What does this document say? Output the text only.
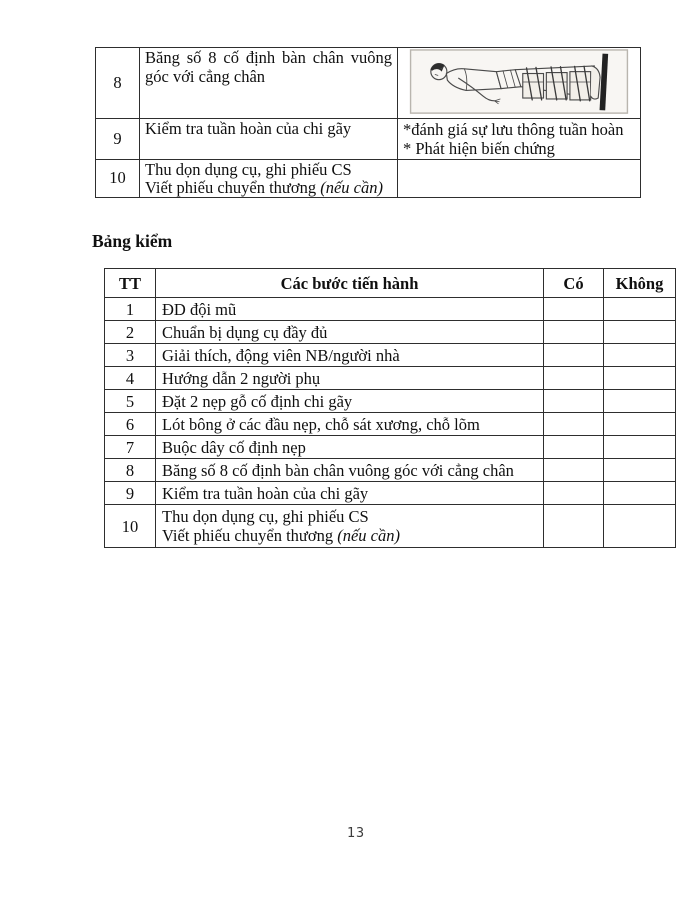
8	Băng số 8 cố định bàn chân vuông góc với cẳng chân	

9	Kiểm tra tuần hoàn của chi gãy	*đánh giá sự lưu thông tuần hoàn
* Phát hiện biến chứng

10	Thu dọn dụng cụ, ghi phiếu CS
Viết phiếu chuyển thương (nếu cần)	

Bảng kiểm
TT	Các bước tiến hành	Có	Không
1	ĐD đội mũ		
2	Chuẩn bị dụng cụ đầy đủ		
3	Giải thích, động viên NB/người nhà		
4	Hướng dẫn 2 người phụ		
5	Đặt 2 nẹp gỗ cố định chi gãy		
6	Lót bông ở các đầu nẹp, chỗ sát xương, chỗ lõm		
7	Buộc dây cố định nẹp		
8	Băng số 8 cố định bàn chân vuông góc với cẳng chân		
9	Kiểm tra tuần hoàn của chi gãy		
10	Thu dọn dụng cụ, ghi phiếu CS
Viết phiếu chuyển thương (nếu cần)		

13
